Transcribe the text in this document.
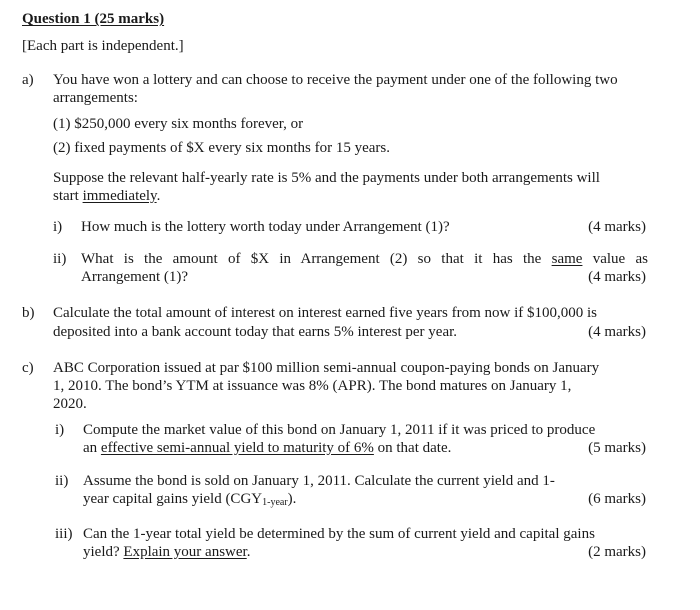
Question 1 (25 marks)
[Each part is independent.]
a) You have won a lottery and can choose to receive the payment under one of the following two
arrangements:
(1) $250,000 every six months forever, or
(2) fixed payments of $X every six months for 15 years.
Suppose the relevant half-yearly rate is 5% and the payments under both arrangements will
start immediately.
i) How much is the lottery worth today under Arrangement (1)?	(4 marks)
ii) What is the amount of $X in Arrangement (2) so that it has the same value as
Arrangement (1)?	(4 marks)
b) Calculate the total amount of interest on interest earned five years from now if $100,000 is
deposited into a bank account today that earns 5% interest per year.	(4 marks)
c) ABC Corporation issued at par $100 million semi-annual coupon-paying bonds on January
1, 2010. The bond’s YTM at issuance was 8% (APR). The bond matures on January 1,
2020.
i) Compute the market value of this bond on January 1, 2011 if it was priced to produce
an effective semi-annual yield to maturity of 6% on that date.	(5 marks)
ii) Assume the bond is sold on January 1, 2011. Calculate the current yield and 1-
year capital gains yield $(CGY_{1-year})$.	(6 marks)
iii) Can the 1-year total yield be determined by the sum of current yield and capital gains
yield? Explain your answer.	(2 marks)
